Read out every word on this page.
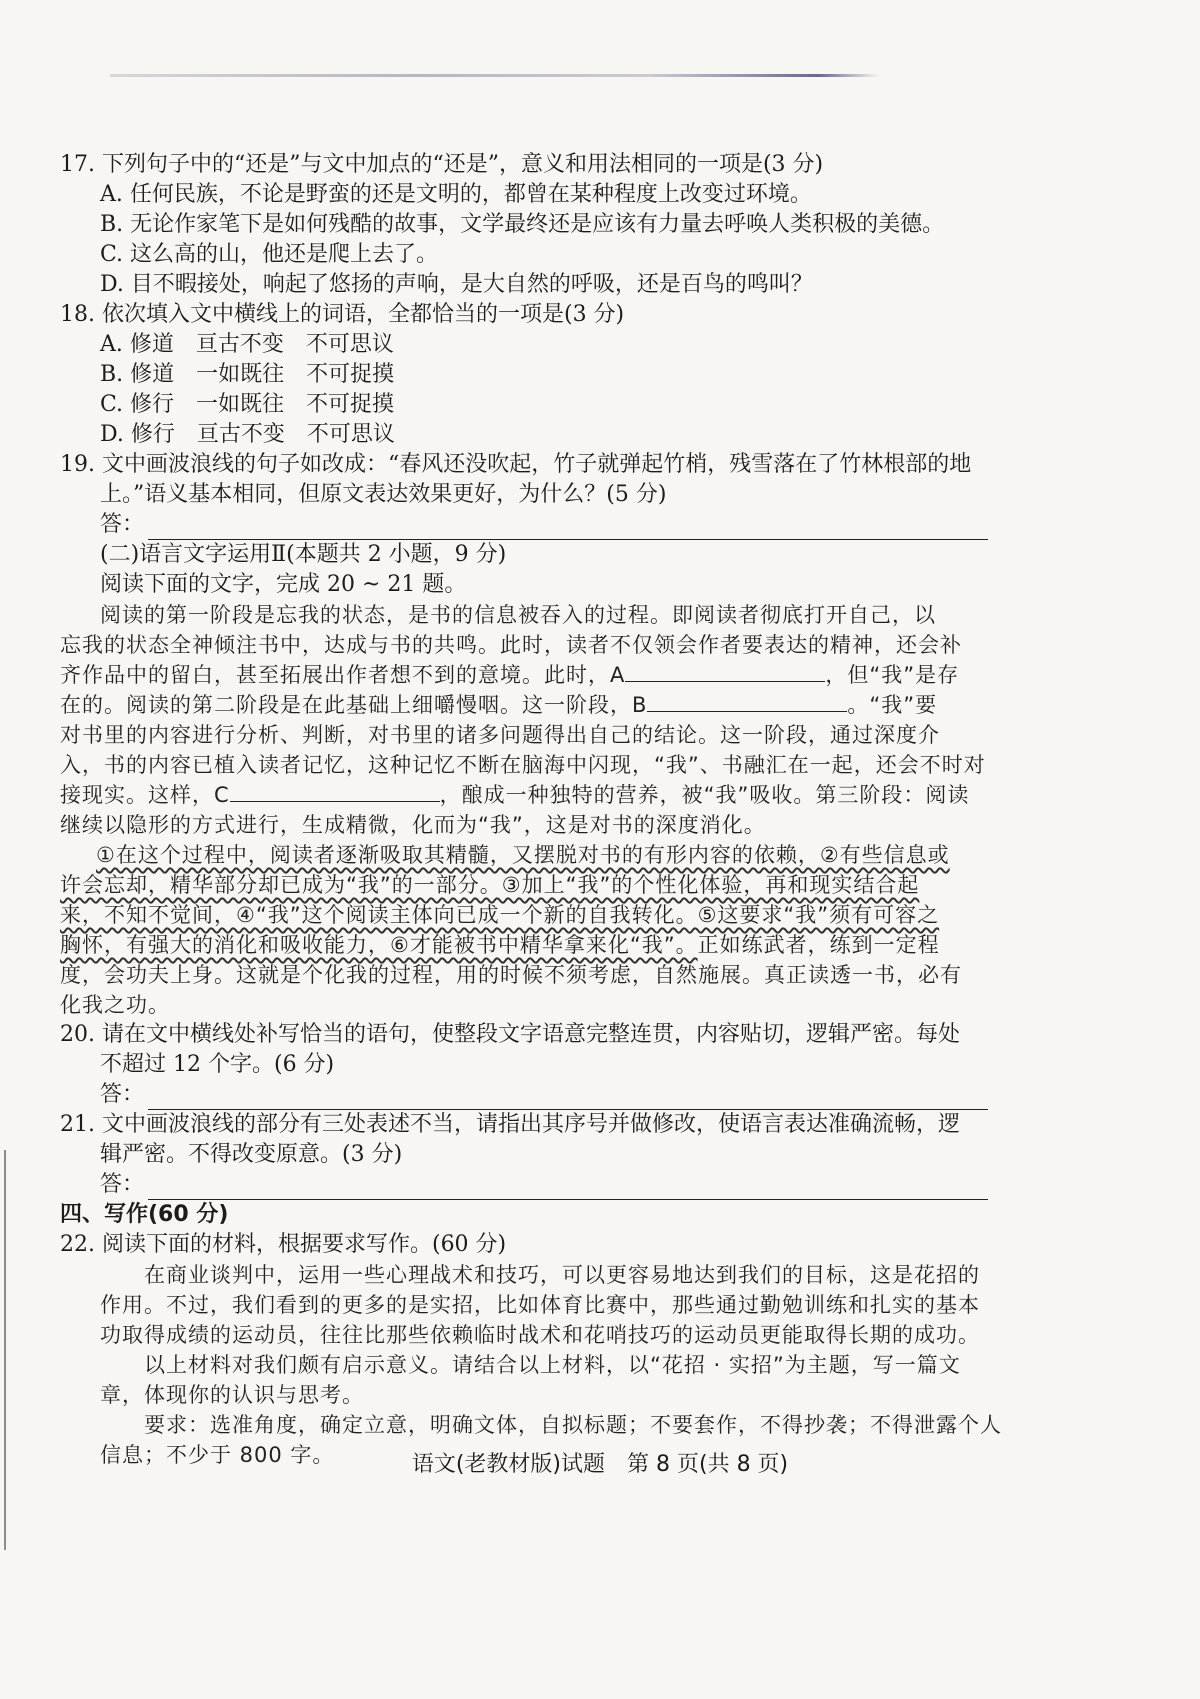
17. 下列句子中的“还是”与文中加点的“还是”，意义和用法相同的一项是(3 分)
A. 任何民族，不论是野蛮的还是文明的，都曾在某种程度上改变过环境。
B. 无论作家笔下是如何残酷的故事，文学最终还是应该有力量去呼唤人类积极的美德。
C. 这么高的山，他还是爬上去了。
D. 目不暇接处，响起了悠扬的声响，是大自然的呼吸，还是百鸟的鸣叫？
18. 依次填入文中横线上的词语，全都恰当的一项是(3 分)
A. 修道　亘古不变　不可思议
B. 修道　一如既往　不可捉摸
C. 修行　一如既往　不可捉摸
D. 修行　亘古不变　不可思议
19. 文中画波浪线的句子如改成：“春风还没吹起，竹子就弹起竹梢，残雪落在了竹林根部的地
上。”语义基本相同，但原文表达效果更好，为什么？(5 分)
答：
(二)语言文字运用Ⅱ(本题共 2 小题，9 分)
阅读下面的文字，完成 20 ~ 21 题。
阅读的第一阶段是忘我的状态，是书的信息被吞入的过程。即阅读者彻底打开自己，以
忘我的状态全神倾注书中，达成与书的共鸣。此时，读者不仅领会作者要表达的精神，还会补
齐作品中的留白，甚至拓展出作者想不到的意境。此时，A	，但“我”是存
在的。阅读的第二阶段是在此基础上细嚼慢咽。这一阶段，B	。“我”要
对书里的内容进行分析、判断，对书里的诸多问题得出自己的结论。这一阶段，通过深度介
入，书的内容已植入读者记忆，这种记忆不断在脑海中闪现，“我”、书融汇在一起，还会不时对
接现实。这样，C	，酿成一种独特的营养，被“我”吸收。第三阶段：阅读
继续以隐形的方式进行，生成精微，化而为“我”，这是对书的深度消化。
①在这个过程中，阅读者逐渐吸取其精髓，又摆脱对书的有形内容的依赖，②有些信息或
许会忘却，精华部分却已成为“我”的一部分。③加上“我”的个性化体验，再和现实结合起
来，不知不觉间，④“我”这个阅读主体向已成一个新的自我转化。⑤这要求“我”须有可容之
胸怀，有强大的消化和吸收能力，⑥才能被书中精华拿来化“我”。正如练武者，练到一定程
度，会功夫上身。这就是个化我的过程，用的时候不须考虑，自然施展。真正读透一书，必有
化我之功。
20. 请在文中横线处补写恰当的语句，使整段文字语意完整连贯，内容贴切，逻辑严密。每处
不超过 12 个字。(6 分)
答：
21. 文中画波浪线的部分有三处表述不当，请指出其序号并做修改，使语言表达准确流畅，逻
辑严密。不得改变原意。(3 分)
答：
四、写作(60 分)
22. 阅读下面的材料，根据要求写作。(60 分)
在商业谈判中，运用一些心理战术和技巧，可以更容易地达到我们的目标，这是花招的
作用。不过，我们看到的更多的是实招，比如体育比赛中，那些通过勤勉训练和扎实的基本
功取得成绩的运动员，往往比那些依赖临时战术和花哨技巧的运动员更能取得长期的成功。
以上材料对我们颇有启示意义。请结合以上材料，以“花招 · 实招”为主题，写一篇文
章，体现你的认识与思考。
要求：选准角度，确定立意，明确文体，自拟标题；不要套作，不得抄袭；不得泄露个人
信息；不少于 800 字。	语文(老教材版)试题　第 8 页(共 8 页)
